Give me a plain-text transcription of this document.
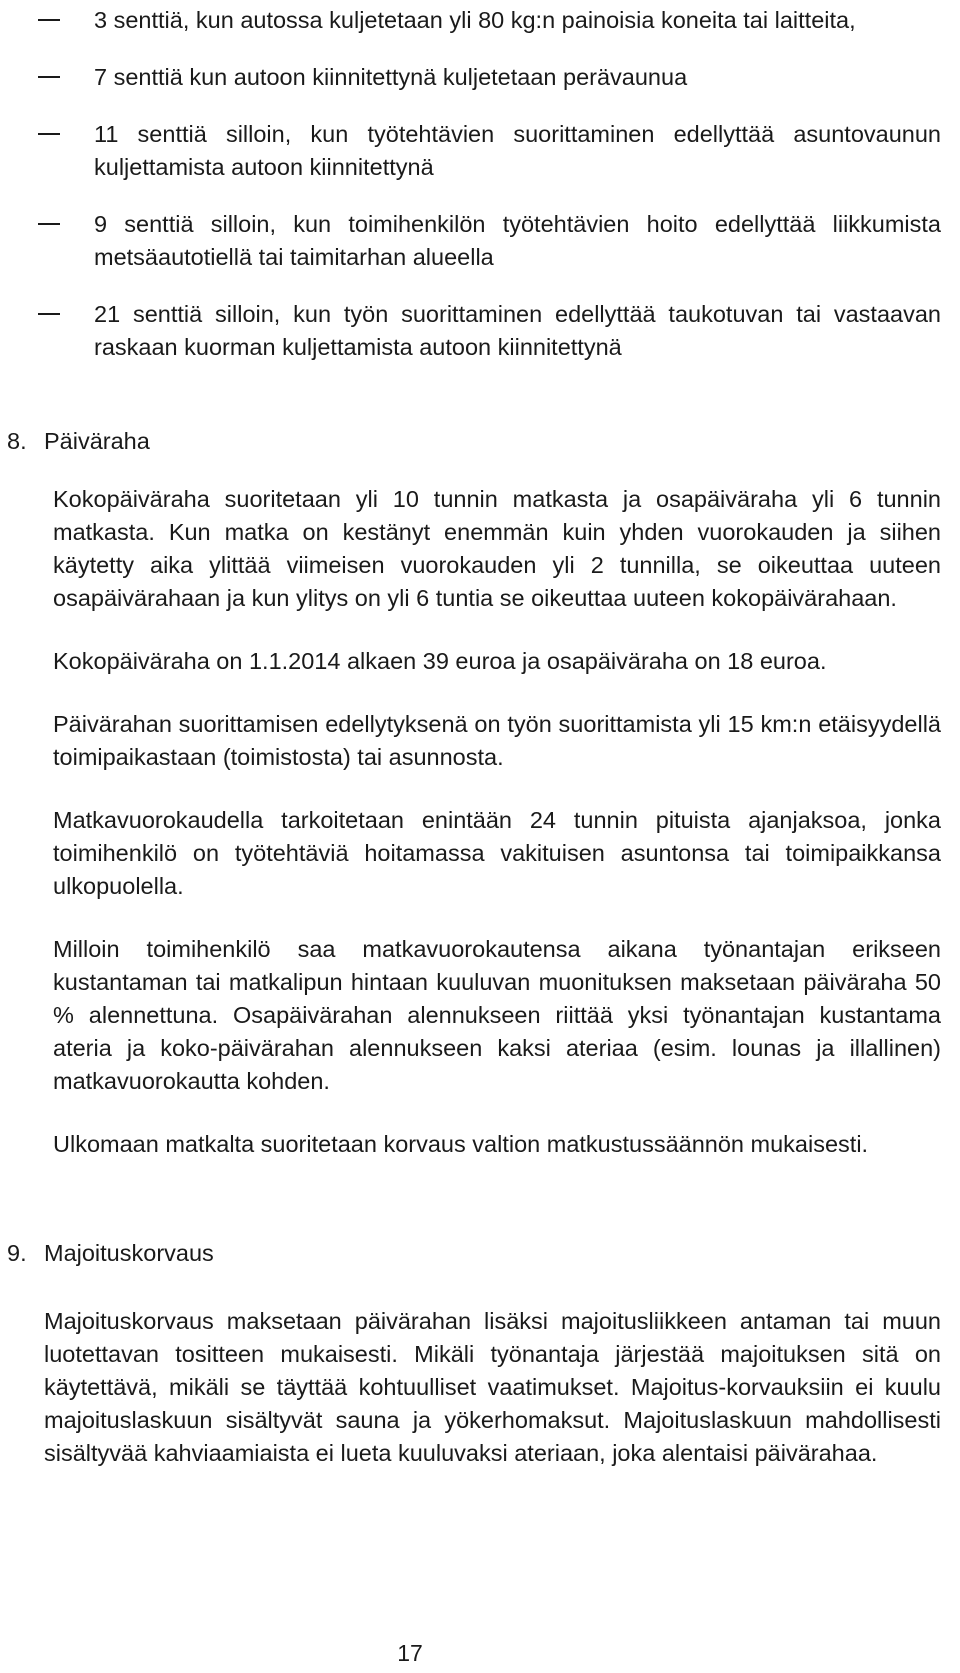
3 senttiä, kun autossa kuljetetaan yli 80 kg:n painoisia koneita tai laitteita,
7 senttiä kun autoon kiinnitettynä kuljetetaan perävaunua
11 senttiä silloin, kun työtehtävien suorittaminen edellyttää asuntovaunun kuljettamista autoon kiinnitettynä
9 senttiä silloin, kun toimihenkilön työtehtävien hoito edellyttää liikkumista metsäautotiellä tai taimitarhan alueella
21 senttiä silloin, kun työn suorittaminen edellyttää taukotuvan tai vastaavan raskaan kuorman kuljettamista autoon kiinnitettynä
8. Päiväraha

Kokopäiväraha suoritetaan yli 10 tunnin matkasta ja osapäiväraha yli 6 tunnin matkasta. Kun matka on kestänyt enemmän kuin yhden vuorokauden ja siihen käytetty aika ylittää viimeisen vuorokauden yli 2 tunnilla, se oikeuttaa uuteen osapäivärahaan ja kun ylitys on yli 6 tuntia se oikeuttaa uuteen kokopäivärahaan.

Kokopäiväraha on 1.1.2014 alkaen 39 euroa ja osapäiväraha on 18 euroa.

Päivärahan suorittamisen edellytyksenä on työn suorittamista yli 15 km:n etäisyydellä toimipaikastaan (toimistosta) tai asunnosta.

Matkavuorokaudella tarkoitetaan enintään 24 tunnin pituista ajanjaksoa, jonka toimihenkilö on työtehtäviä hoitamassa vakituisen asuntonsa tai toimipaikkansa ulkopuolella.

Milloin toimihenkilö saa matkavuorokautensa aikana työnantajan erikseen kustantaman tai matkalipun hintaan kuuluvan muonituksen maksetaan päiväraha 50 % alennettuna. Osapäivärahan alennukseen riittää yksi työnantajan kustantama ateria ja koko-päivärahan alennukseen kaksi ateriaa (esim. lounas ja illallinen) matkavuorokautta kohden.

Ulkomaan matkalta suoritetaan korvaus valtion matkustussäännön mukaisesti.

9. Majoituskorvaus

Majoituskorvaus maksetaan päivärahan lisäksi majoitusliikkeen antaman tai muun luotettavan tositteen mukaisesti. Mikäli työnantaja järjestää majoituksen sitä on käytettävä, mikäli se täyttää kohtuulliset vaatimukset. Majoitus-korvauksiin ei kuulu majoituslaskuun sisältyvät sauna ja yökerhomaksut. Majoituslaskuun mahdollisesti sisältyvää kahviaamiaista ei lueta kuuluvaksi ateriaan, joka alentaisi päivärahaa.

17
